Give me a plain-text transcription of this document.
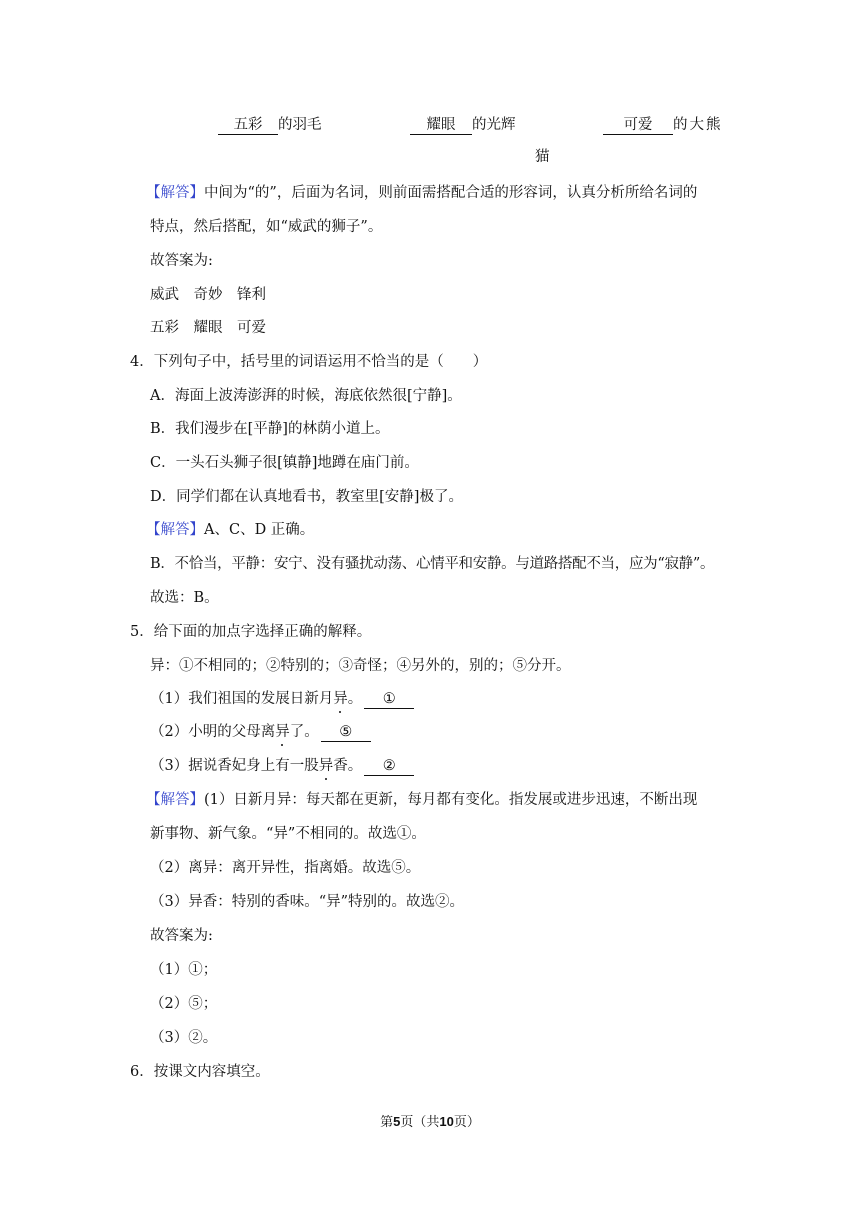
五彩 的羽毛	耀眼 的光辉	可爱 的大熊
猫
【解答】中间为“的”，后面为名词，则前面需搭配合适的形容词，认真分析所给名词的
特点，然后搭配，如“威武的狮子”。
故答案为:
威武　奇妙　锋利
五彩　耀眼　可爱
4．下列句子中，括号里的词语运用不恰当的是（　　）
A．海面上波涛澎湃的时候，海底依然很[宁静]。
B．我们漫步在[平静]的林荫小道上。
C．一头石头狮子很[镇静]地蹲在庙门前。
D．同学们都在认真地看书，教室里[安静]极了。
【解答】A、C、D 正确。
B．不恰当，平静：安宁、没有骚扰动荡、心情平和安静。与道路搭配不当，应为“寂静”。
故选：B。
5．给下面的加点字选择正确的解释。
异：①不相同的；②特别的；③奇怪；④另外的，别的；⑤分开。
（1）我们祖国的发展日新月异。 ①
（2）小明的父母离异了。 ⑤
（3）据说香妃身上有一股异香。 ②
【解答】(1）日新月异：每天都在更新，每月都有变化。指发展或进步迅速，不断出现
新事物、新气象。“异”不相同的。故选①。
（2）离异：离开异性，指离婚。故选⑤。
（3）异香：特别的香味。“异”特别的。故选②。
故答案为:
（1）①；
（2）⑤；
（3）②。
6．按课文内容填空。
第5页（共10页）
